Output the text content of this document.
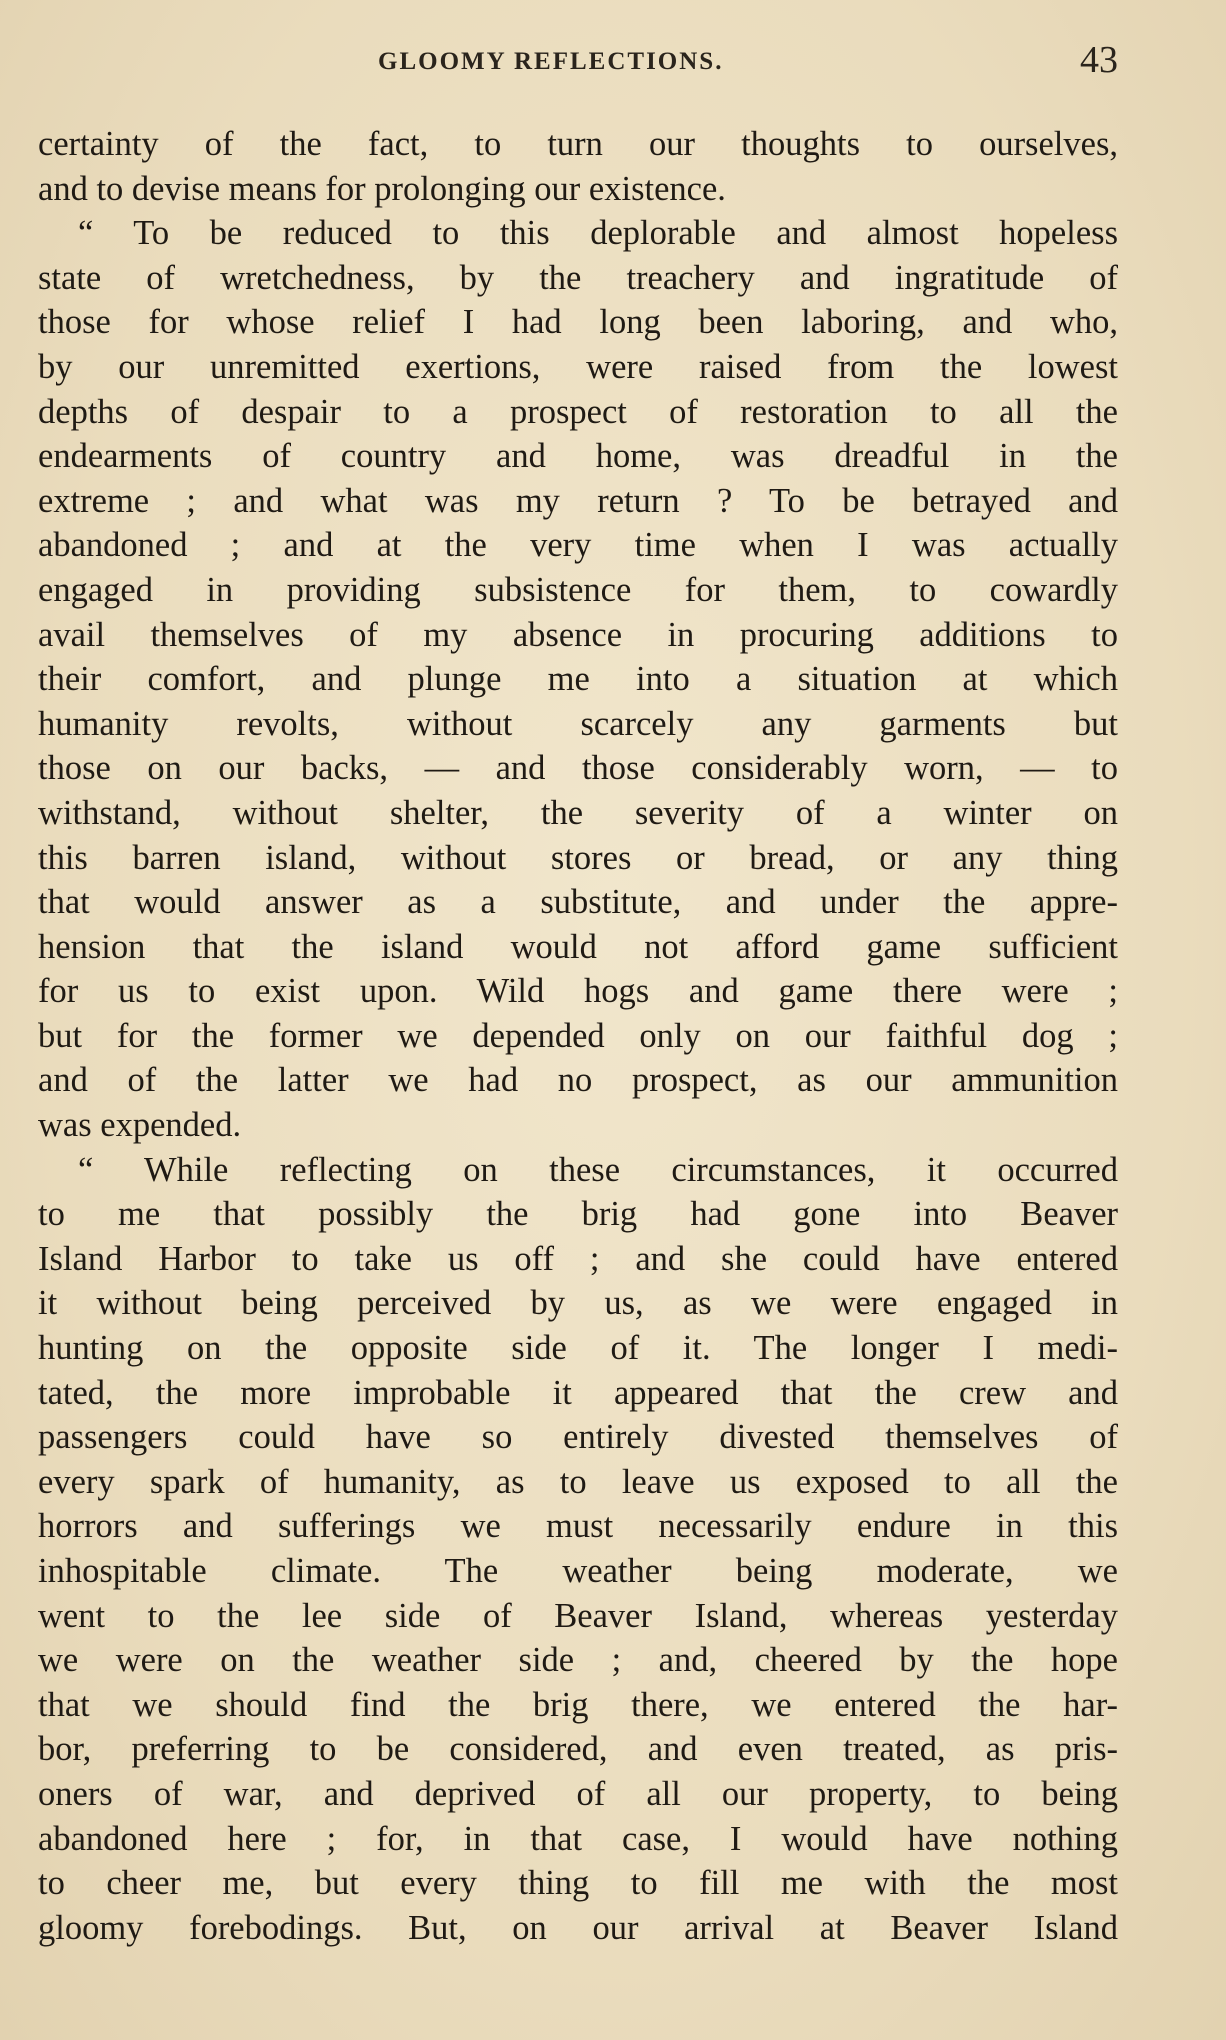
GLOOMY REFLECTIONS.	43
certainty of the fact, to turn our thoughts to ourselves,
and to devise means for prolonging our existence.
“ To be reduced to this deplorable and almost hopeless
state of wretchedness, by the treachery and ingratitude of
those for whose relief I had long been laboring, and who,
by our unremitted exertions, were raised from the lowest
depths of despair to a prospect of restoration to all the
endearments of country and home, was dreadful in the
extreme ; and what was my return ? To be betrayed and
abandoned ; and at the very time when I was actually
engaged in providing subsistence for them, to cowardly
avail themselves of my absence in procuring additions to
their comfort, and plunge me into a situation at which
humanity revolts, without scarcely any garments but
those on our backs, — and those considerably worn, — to
withstand, without shelter, the severity of a winter on
this barren island, without stores or bread, or any thing
that would answer as a substitute, and under the appre-
hension that the island would not afford game sufficient
for us to exist upon. Wild hogs and game there were ;
but for the former we depended only on our faithful dog ;
and of the latter we had no prospect, as our ammunition
was expended.
“ While reflecting on these circumstances, it occurred
to me that possibly the brig had gone into Beaver
Island Harbor to take us off ; and she could have entered
it without being perceived by us, as we were engaged in
hunting on the opposite side of it. The longer I medi-
tated, the more improbable it appeared that the crew and
passengers could have so entirely divested themselves of
every spark of humanity, as to leave us exposed to all the
horrors and sufferings we must necessarily endure in this
inhospitable climate. The weather being moderate, we
went to the lee side of Beaver Island, whereas yesterday
we were on the weather side ; and, cheered by the hope
that we should find the brig there, we entered the har-
bor, preferring to be considered, and even treated, as pris-
oners of war, and deprived of all our property, to being
abandoned here ; for, in that case, I would have nothing
to cheer me, but every thing to fill me with the most
gloomy forebodings. But, on our arrival at Beaver Island
